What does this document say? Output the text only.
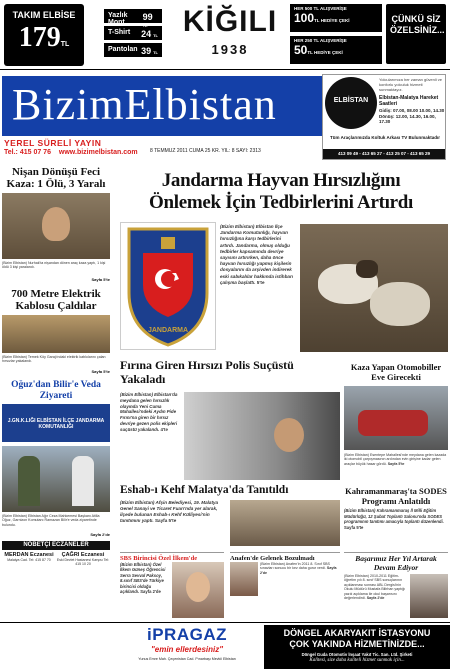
TAKIM ELBİSE
179TL
Yazlık Mont
99 TL
T-Shirt 24 TL
Pantolan 39 TL
KİĞILI
1938
HER 500 TL ALIŞVERİŞE
100TL HEDİYE ÇEKİ
HER 250 TL ALIŞVERİŞE
50TL HEDİYE ÇEKİ
ÇÜNKÜ SİZ ÖZELSİNİZ...
BizimElbistan
YEREL SÜRELİ YAYIN
Tel.: 415 07 76 www.bizimelbistan.com 8 TEMMUZ 2011 CUMA 25 KR. YIL: 8 SAYI: 2313
ELBİSTAN
Yolcularımıza her zaman güvenli ve konforlu yolculuk hizmeti sunmaktayız.
Elbistan-Malatya Hareket Saatleri
Gidiş: 07.00, 08.00 10.00, 14.30 Dönüş: 12.00, 14.30, 16.00, 17.30
Tüm Araçlarımızda Koltuk Arkası TV Bulunmaktadır
413 09 49 - 413 65 27 - 413 25 07 - 413 65 29
Nişan Dönüşü Feci Kaza: 1 Ölü, 3 Yaralı
(Bizim Elbistan) Nurhak'ta nişandan dönen araç kaza yaptı, 1 kişi öldü 3 kişi yaralandı.
Sayfa 5'te
700 Metre Elektrik Kablosu Çaldılar
(Bizim Elbistan) Ternek Köy Garajı'ndaki elektrik kablolarını çalan hırsızlar yakalandı.
Sayfa 5'te
Oğuz'dan Bilir'e Veda Ziyareti
J.GN.K.LIĞI ELBİSTAN İLÇE JANDARMA KOMUTANLIĞI
(Bizim Elbistan) Elbistan Ağır Ceza Mahkemesi Başkanı Atilla Oğuz, Garnizon Komutanı Ramazan Bilir'e veda ziyaretinde bulundu.
Sayfa 2'de
NÖBETÇİ ECZANELER
MERDAN Eczanesi
Malatya Cad. Tel: 415 87 70
ÇAĞRI Eczanesi
Eski Devlet Hastanesi Karşısı Tel: 415 10 20
Jandarma Hayvan Hırsızlığını
Önlemek İçin Tedbirlerini Artırdı
JANDARMA
(Bizim Elbistan) Elbistan İlçe Jandarma Komutanlığı, hayvan hırsızlığına karşı tedbirlerini artırdı. Jandarma, olmuş olduğu tedbirler kapsamında devriye sayısını artırırken, daha önce hayvan hırsızlığı yapmış kişilerin dosyalarını da arşivden indirerek eski sabıkalılar hakkında istihbarı çalışma başlattı. 5'te
Fırına Giren Hırsızı Polis Suçüstü Yakaladı
(Bizim Elbistan) Elbistan'da meydana gelen hırsızlık olayında Yeni Cuma Mahallesi'ndeki Aydın Pide Fırını'na giren bir hırsız devriye gezen polis ekipleri suçüstü yakalandı. 4'te
Kaza Yapan Otomobiller Eve Girecekti
(Bizim Elbistan) Esentepe Mahallesi'nde meydana gelen kazada iki otomobil çarpışmasının ardından evin girişine kadar gelen araçlar büyük hasar gördü. Sayfa 5'te
Eshab-ı Kehf Malatya'da Tanıtıldı
(Bizim Elbistan) Afşin Belediyesi, 19. Malatya Genel Sanayi ve Ticaret Fuarı'nda yer alarak, ilçede bulunan Eshab-ı Kehf Külliyesi'nin tanıtımını yaptı. Sayfa 5'te
Kahramanmaraş'ta SODES Programı Anlatıldı
(Bizim Elbistan) Kahramanmaraş İl Milli Eğitim Müdürlüğü, 12 Şubat Toplantı Salonu'nda SODES programının tanıtımı amacıyla toplantı düzenlendi. Sayfa 5'te
SBS Birincisi Özel İlkem'de
(Bizim Elbistan) Özel İlkem Güneş Öğrencisi Serra Sevval Paksoy, 8.sınıf SBS'de Türkiye birincisi olduğu açıklandı. Sayfa 2'de
Anafen'de Gelenek Bozulmadı
(Bizim Elbistan) Anafen'in 2011 8. Sınıf SBS sınavları sonucu bir kez daha gurur verdi. Sayfa 2'de
Başarımız Her Yıl Artarak Devam Ediyor
(Bizim Elbistan) 2010-2011 Eğitim-öğretim yılı 8. sınıf SBS sonuçlarının açıklanması sonrası ABL Dergisi'nin Okulu Müdürü Mustafa Bilirhan yaptığı yazılı açıklama ile okul başarısını değerlendirdi. Sayfa 2'de
iPRAGAZ
"emin ellerdesiniz"
Yunus Emre Mah. Çeçenistan Cad. Pınarbaşı Mevkii Elbistan
DÖNGEL AKARYAKIT İSTASYONU
ÇOK YAKINDA HİZMETİNİZDE...
Döngel Guda Otomotiv İnşaat Yakıt Tic. San. Ltd. Şirketi
Kalitesi, size daha kaliteli hizmet sunmak için...
